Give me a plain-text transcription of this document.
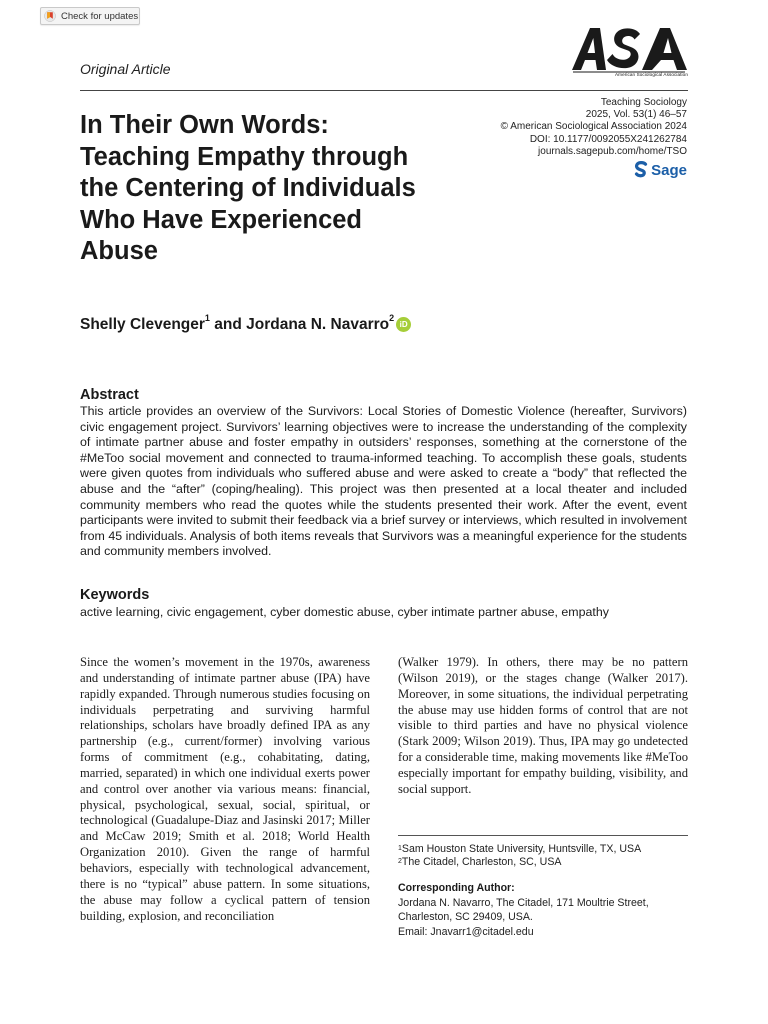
Check for updates
American Sociological Association
Original Article
Teaching Sociology
2025, Vol. 53(1) 46–57
© American Sociological Association 2024
DOI: 10.1177/0092055X241262784
journals.sagepub.com/home/TSO
Sage
In Their Own Words:
Teaching Empathy through
the Centering of Individuals
Who Have Experienced
Abuse
Shelly Clevenger$^1$
and
Jordana N. Navarro$^2$
iD
Abstract

This article provides an overview of the Survivors: Local Stories of Domestic Violence (hereafter, Survivors) civic engagement project. Survivors’ learning objectives were to increase the understanding of the complexity of intimate partner abuse and foster empathy in outsiders’ responses, something at the cornerstone of the #MeToo social movement and connected to trauma-informed teaching. To accomplish these goals, students were given quotes from individuals who suffered abuse and were asked to create a “body” that reflected the abuse and the “after” (coping/healing). This project was then presented at a local theater and included community members who read the quotes while the students presented their work. After the event, event participants were invited to submit their feedback via a brief survey or interviews, which resulted in involvement from 45 individuals. Analysis of both items reveals that Survivors was a meaningful experience for the students and community members involved.

Keywords
active learning, civic engagement, cyber domestic abuse, cyber intimate partner abuse, empathy

Since the women’s movement in the 1970s, awareness and understanding of intimate partner abuse (IPA) have rapidly expanded. Through numerous studies focusing on individuals perpetrating and surviving harmful relationships, scholars have broadly defined IPA as any partnership (e.g., current/former) involving various forms of commitment (e.g., cohabitating, dating, married, separated) in which one individual exerts power and control over another via various means: financial, physical, psychological, sexual, social, spiritual, or technological (Guadalupe-Diaz and Jasinski 2017; Miller and McCaw 2019; Smith et al. 2018; World Health Organization 2010). Given the range of harmful behaviors, especially with technological advancement, there is no “typical” abuse pattern. In some situations, the abuse may follow a cyclical pattern of tension building, explosion, and reconciliation

(Walker 1979). In others, there may be no pattern (Wilson 2019), or the stages change (Walker 2017). Moreover, in some situations, the individual perpetrating the abuse may use hidden forms of control that are not visible to third parties and have no physical violence (Stark 2009; Wilson 2019). Thus, IPA may go undetected for a considerable time, making movements like #MeToo especially important for empathy building, visibility, and social support.

$^1$Sam Houston State University, Huntsville, TX, USA
$^2$The Citadel, Charleston, SC, USA
Corresponding Author:
Jordana N. Navarro, The Citadel, 171 Moultrie Street,
Charleston, SC 29409, USA.
Email: Jnavarr1@citadel.edu
